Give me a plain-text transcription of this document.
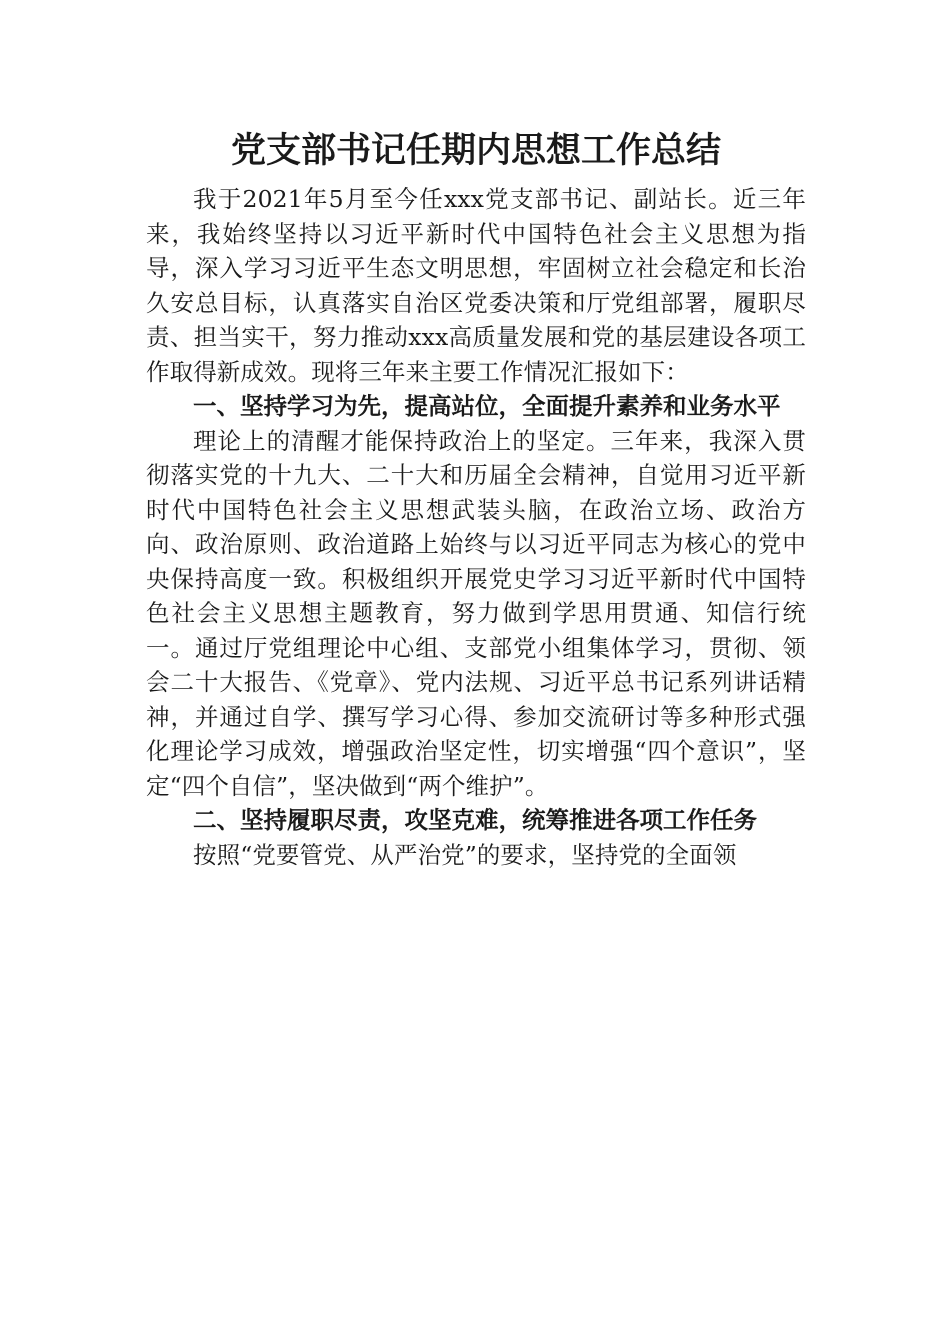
党支部书记任期内思想工作总结

我于2021年5月至今任xxx党支部书记、副站长。近三年来，我始终坚持以习近平新时代中国特色社会主义思想为指导，深入学习习近平生态文明思想，牢固树立社会稳定和长治久安总目标，认真落实自治区党委决策和厅党组部署，履职尽责、担当实干，努力推动xxx高质量发展和党的基层建设各项工作取得新成效。现将三年来主要工作情况汇报如下：

一、坚持学习为先，提高站位，全面提升素养和业务水平

理论上的清醒才能保持政治上的坚定。三年来，我深入贯彻落实党的十九大、二十大和历届全会精神，自觉用习近平新时代中国特色社会主义思想武装头脑，在政治立场、政治方向、政治原则、政治道路上始终与以习近平同志为核心的党中央保持高度一致。积极组织开展党史学习习近平新时代中国特色社会主义思想主题教育，努力做到学思用贯通、知信行统一。通过厅党组理论中心组、支部党小组集体学习，贯彻、领会二十大报告、《党章》、党内法规、习近平总书记系列讲话精神，并通过自学、撰写学习心得、参加交流研讨等多种形式强化理论学习成效，增强政治坚定性，切实增强“四个意识”，坚定“四个自信”，坚决做到“两个维护”。

二、坚持履职尽责，攻坚克难，统筹推进各项工作任务

按照“党要管党、从严治党”的要求，坚持党的全面领
